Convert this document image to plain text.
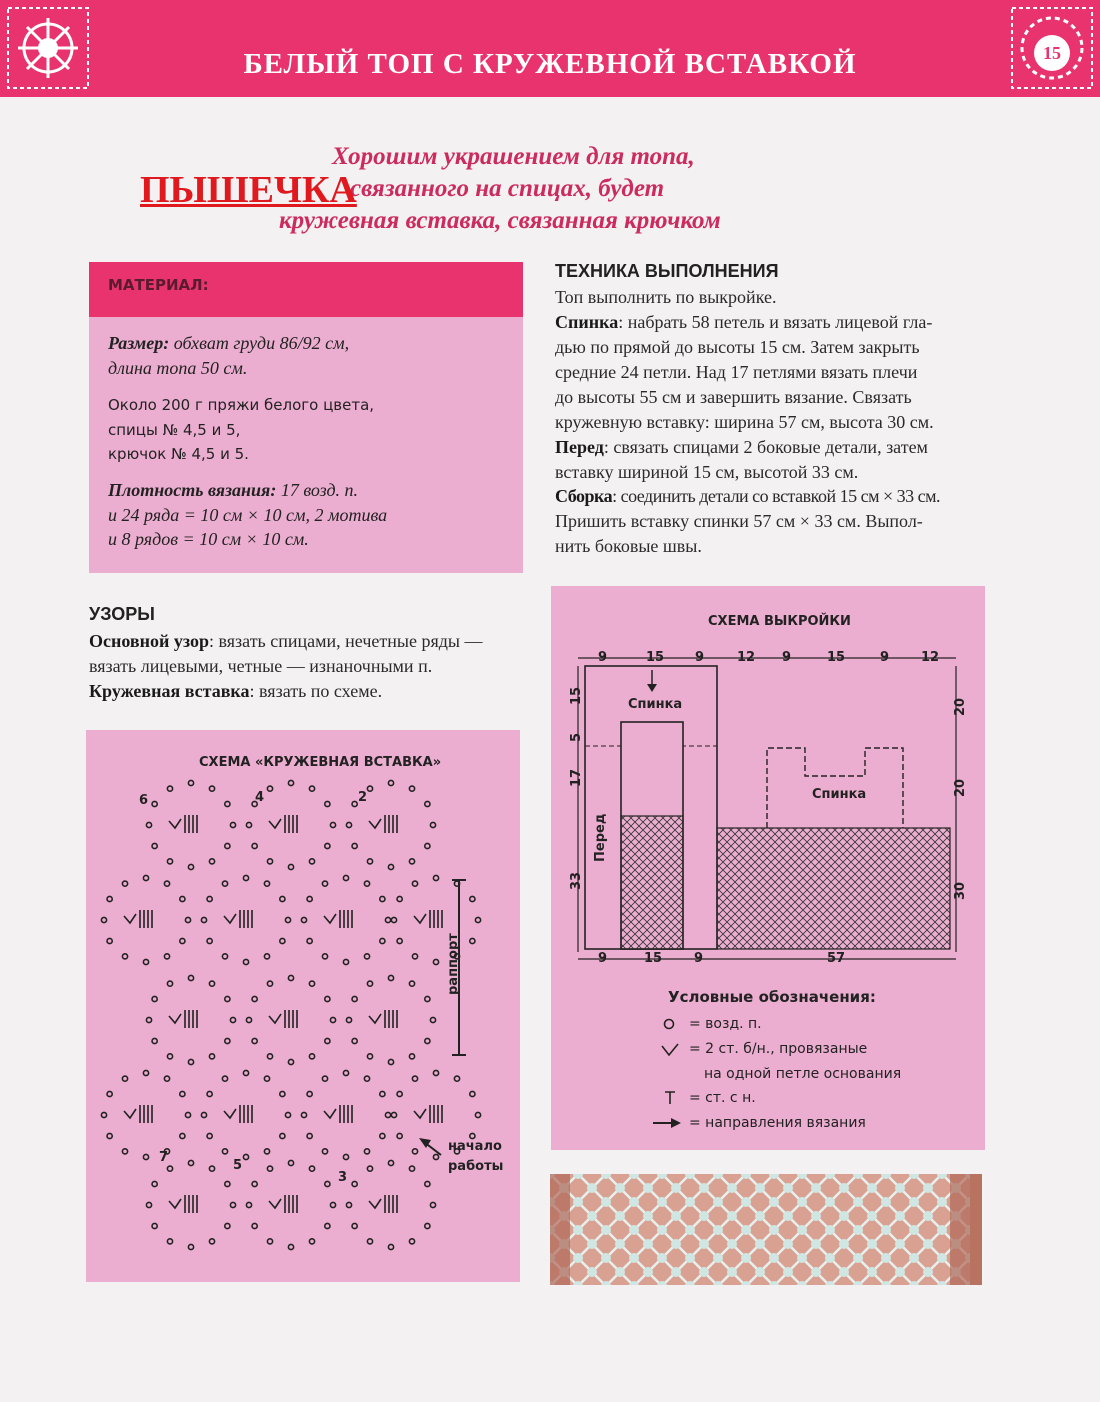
15
БЕЛЫЙ ТОП С КРУЖЕВНОЙ ВСТАВКОЙ
Хорошим украшением для топа,
связанного на спицах, будет
кружевная вставка, связанная крючком
ПЫШЕЧКА
МАТЕРИАЛ:
Размер: обхват груди 86/92 см,
длина топа 50 см.
Около 200 г пряжи белого цвета,
спицы № 4,5 и 5,
крючок № 4,5 и 5.
Плотность вязания: 17 возд. п.
и 24 ряда = 10 см × 10 см, 2 мотива
и 8 рядов = 10 см × 10 см.
УЗОРЫ
Основной узор: вязать спицами, нечетные ряды —
вязать лицевыми, четные — изнаночными п.
Кружевная вставка: вязать по схеме.
ТЕХНИКА ВЫПОЛНЕНИЯ
Топ выполнить по выкройке.
Спинка: набрать 58 петель и вязать лицевой гла-
дью по прямой до высоты 15 см. Затем закрыть
средние 24 петли. Над 17 петлями вязать плечи
до высоты 55 см и завершить вязание. Связать
кружевную вставку: ширина 57 см, высота 30 см.
Перед: связать спицами 2 боковые детали, затем
вставку шириной 15 см, высотой 33 см.
Сборка: соединить детали со вставкой 15 см × 33 см.
Пришить вставку спинки 57 см × 33 см. Выпол-
нить боковые швы.
СХЕМА «КРУЖЕВНАЯ ВСТАВКА»
раппорт
начало
работы
6	4	2
7
5
3
СХЕМА ВЫКРОЙКИ
9	15 9	12 9	15	9 12
9	15 9	57
15
5
17
33
20
20
30
Спинка
Перед
Спинка
Условные обозначения:
= возд. п.
= 2 ст. б/н., провязаные
на одной петле основания
= ст. с н.
= направления вязания
